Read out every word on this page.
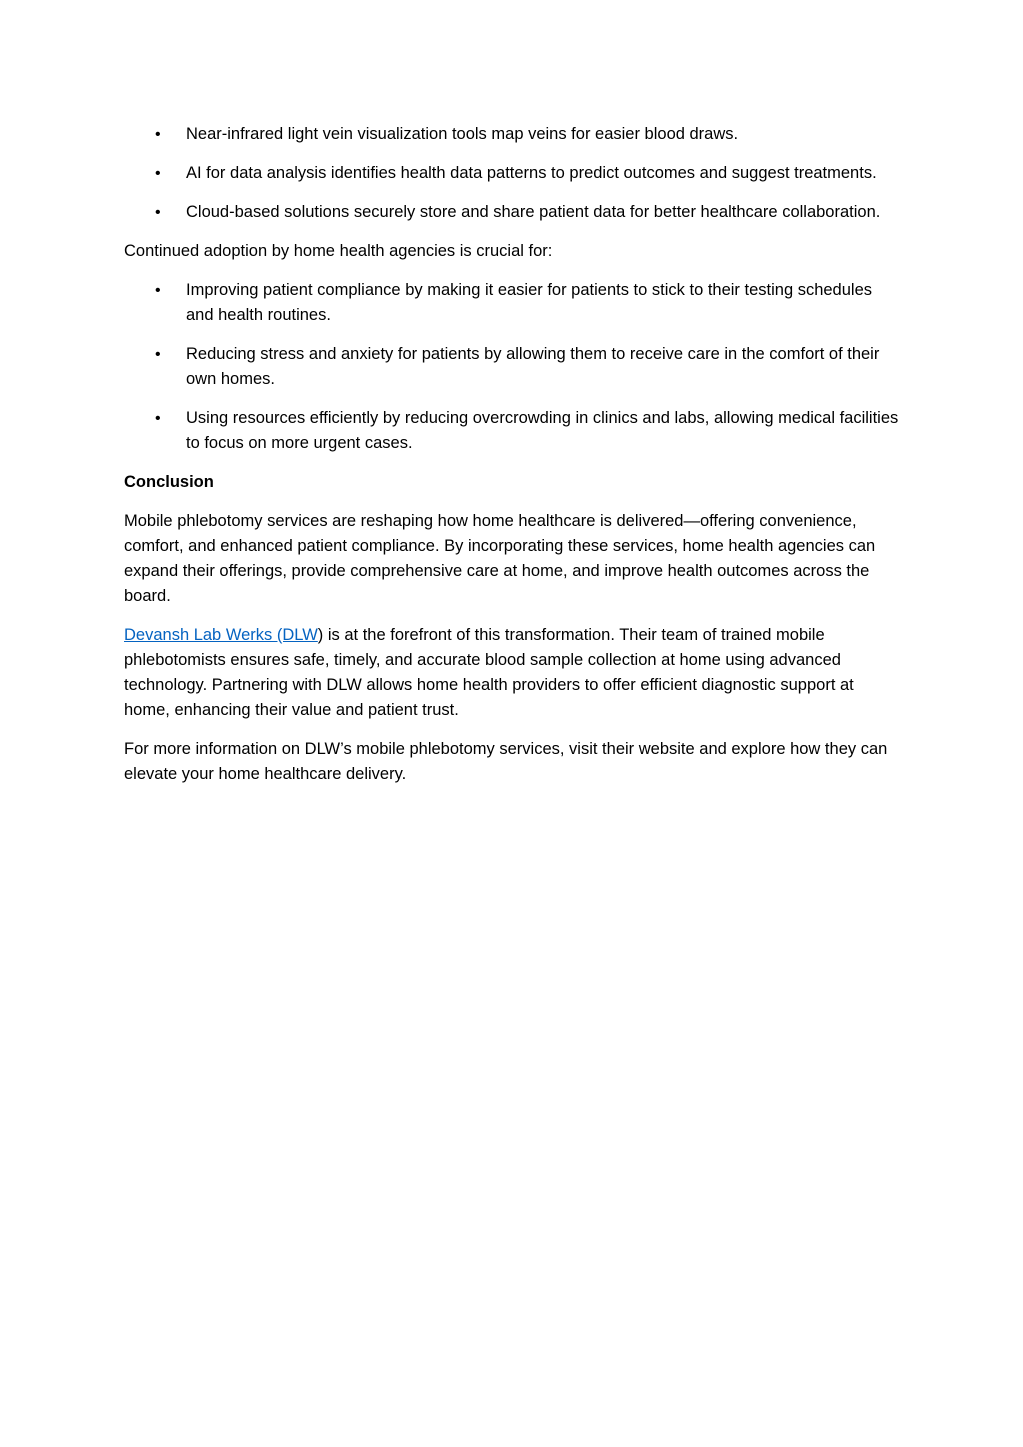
• Near-infrared light vein visualization tools map veins for easier blood draws.
• AI for data analysis identifies health data patterns to predict outcomes and suggest treatments.
• Cloud-based solutions securely store and share patient data for better healthcare collaboration.

Continued adoption by home health agencies is crucial for:

• Improving patient compliance by making it easier for patients to stick to their testing schedules and health routines.
• Reducing stress and anxiety for patients by allowing them to receive care in the comfort of their own homes.
• Using resources efficiently by reducing overcrowding in clinics and labs, allowing medical facilities to focus on more urgent cases.

Conclusion

Mobile phlebotomy services are reshaping how home healthcare is delivered—offering convenience, comfort, and enhanced patient compliance. By incorporating these services, home health agencies can expand their offerings, provide comprehensive care at home, and improve health outcomes across the board.

Devansh Lab Werks (DLW) is at the forefront of this transformation. Their team of trained mobile phlebotomists ensures safe, timely, and accurate blood sample collection at home using advanced technology. Partnering with DLW allows home health providers to offer efficient diagnostic support at home, enhancing their value and patient trust.

For more information on DLW’s mobile phlebotomy services, visit their website and explore how they can elevate your home healthcare delivery.
